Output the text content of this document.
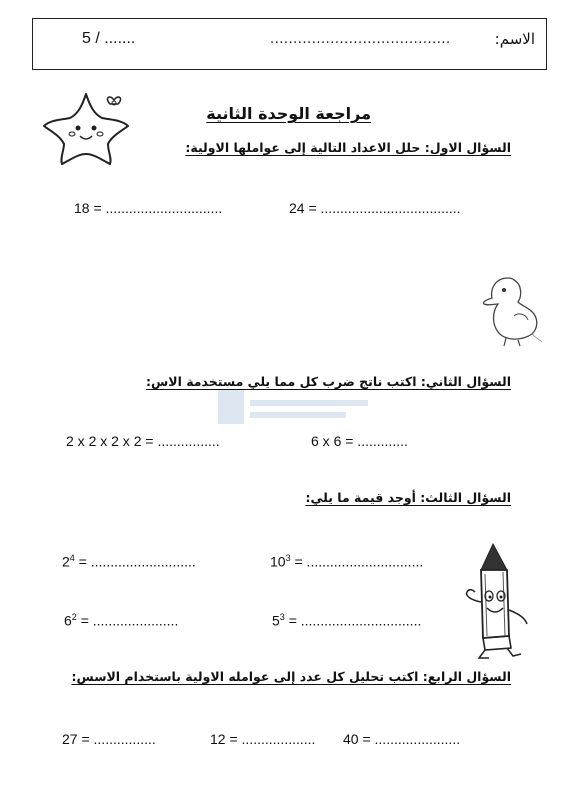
الاسم:
.......................................
5 / .......
مراجعة الوحدة الثانية
السؤال الاول: حلل الاعداد التالية إلى عواملها الاولية:
18 = ..............................	24 = ....................................
السؤال الثاني: اكتب ناتج ضرب كل مما يلي مستخدمة الاس:
2 x 2 x 2 x 2 = ................	6 x 6 = .............
السؤال الثالث: أوجد قيمة ما يلي:
$2^4$ = ...........................	$10^3$ = ..............................
$6^2$ = ......................	$5^3$ = ...............................
السؤال الرابع: اكتب تحليل كل عدد إلى عوامله الاولية باستخدام الاسس:
27 = ................	12 = ................... 40 = ......................
